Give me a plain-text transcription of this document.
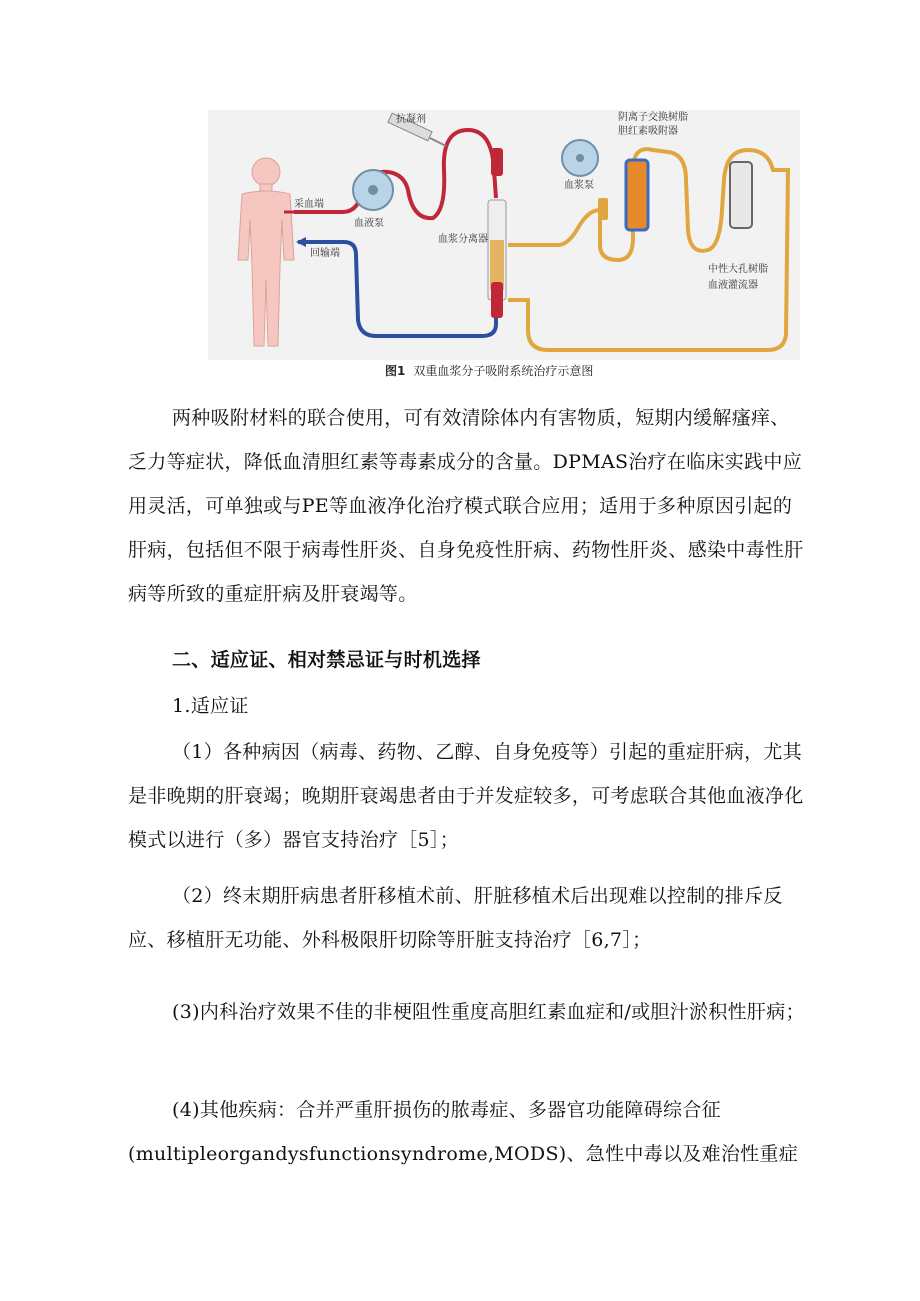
抗凝剂	阴离子交换树脂
胆红素吸附器
采血端
回输端
血液泵
血浆泵
血浆分离器
中性大孔树脂
血液灌流器
图1 双重血浆分子吸附系统治疗示意图

两种吸附材料的联合使用，可有效清除体内有害物质，短期内缓解瘙痒、乏力等症状，降低血清胆红素等毒素成分的含量。DPMAS治疗在临床实践中应用灵活，可单独或与PE等血液净化治疗模式联合应用；适用于多种原因引起的肝病，包括但不限于病毒性肝炎、自身免疫性肝病、药物性肝炎、感染中毒性肝病等所致的重症肝病及肝衰竭等。

二、适应证、相对禁忌证与时机选择

1.适应证

（1）各种病因（病毒、药物、乙醇、自身免疫等）引起的重症肝病，尤其是非晚期的肝衰竭；晚期肝衰竭患者由于并发症较多，可考虑联合其他血液净化模式以进行（多）器官支持治疗［5］；

（2）终末期肝病患者肝移植术前、肝脏移植术后出现难以控制的排斥反应、移植肝无功能、外科极限肝切除等肝脏支持治疗［6,7］；

(3)内科治疗效果不佳的非梗阻性重度高胆红素血症和/或胆汁淤积性肝病；

(4)其他疾病：合并严重肝损伤的脓毒症、多器官功能障碍综合征(multipleorgandysfunctionsyndrome,MODS)、急性中毒以及难治性重症
